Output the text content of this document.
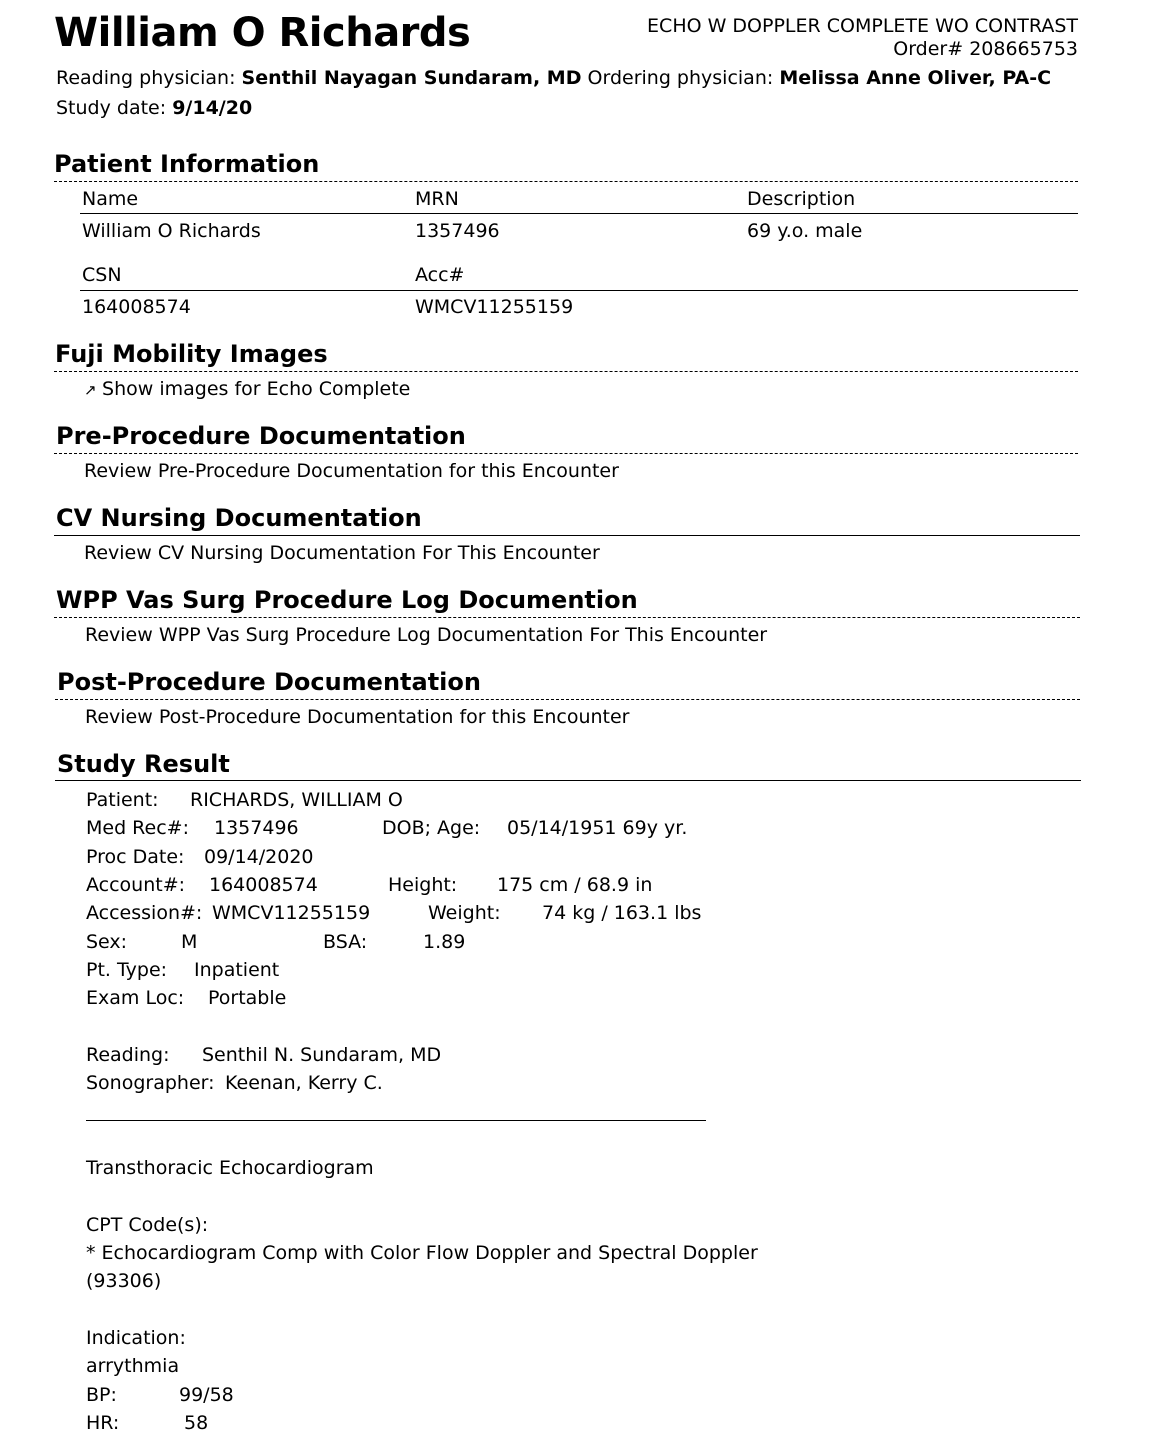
William O Richards	ECHO W DOPPLER COMPLETE WO CONTRAST
Order# 208665753
Reading physician: Senthil Nayagan Sundaram, MD Ordering physician: Melissa Anne Oliver, PA-C
Study date: 9/14/20
Patient Information
Name	MRN	Description
William O Richards	1357496	69 y.o. male
CSN	Acc#
164008574	WMCV11255159
Fuji Mobility Images
↗ Show images for Echo Complete
Pre-Procedure Documentation
Review Pre-Procedure Documentation for this Encounter
CV Nursing Documentation
Review CV Nursing Documentation For This Encounter
WPP Vas Surg Procedure Log Documention
Review WPP Vas Surg Procedure Log Documentation For This Encounter
Post-Procedure Documentation
Review Post-Procedure Documentation for this Encounter
Study Result
Patient: RICHARDS, WILLIAM O
Med Rec#: 1357496	DOB; Age: 05/14/1951 69y yr.
Proc Date: 09/14/2020
Account#: 164008574	Height: 175 cm / 68.9 in
Accession#: WMCV11255159	Weight: 74 kg / 163.1 lbs
Sex:	M	BSA:	1.89
Pt. Type: Inpatient
Exam Loc: Portable
Reading: Senthil N. Sundaram, MD
Sonographer: Keenan, Kerry C.
Transthoracic Echocardiogram
CPT Code(s):
* Echocardiogram Comp with Color Flow Doppler and Spectral Doppler
(93306)
Indication:
arrythmia
BP:	99/58
HR:	58
